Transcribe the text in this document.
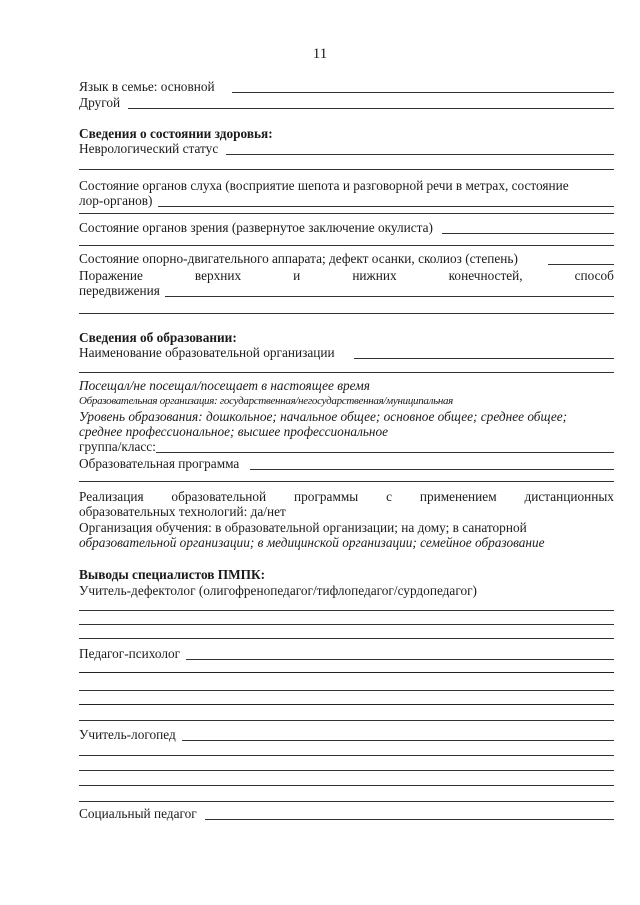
11
Язык в семье: основной
Другой
Сведения о состоянии здоровья:
Неврологический статус
Состояние органов слуха (восприятие шепота и разговорной речи в метрах, состояние
лор-органов)
Состояние органов зрения (развернутое заключение окулиста)
Состояние опорно-двигательного аппарата; дефект осанки, сколиоз (степень)
Поражение	верхних	и	нижних	конечностей,	способ
передвижения
Сведения об образовании:
Наименование образовательной организации
Посещал/не посещал/посещает в настоящее время
Образовательная организация: государственная/негосударственная/муниципальная
Уровень образования: дошкольное; начальное общее; основное общее; среднее общее;
среднее профессиональное; высшее профессиональное
группа/класс:
Образовательная программа
Реализация образовательной программы с применением дистанционных
образовательных технологий: да/нет
Организация обучения: в образовательной организации; на дому; в санаторной
образовательной организации; в медицинской организации; семейное образование
Выводы специалистов ПМПК:
Учитель-дефектолог (олигофренопедагог/тифлопедагог/сурдопедагог)
Педагог-психолог
Учитель-логопед
Социальный педагог
